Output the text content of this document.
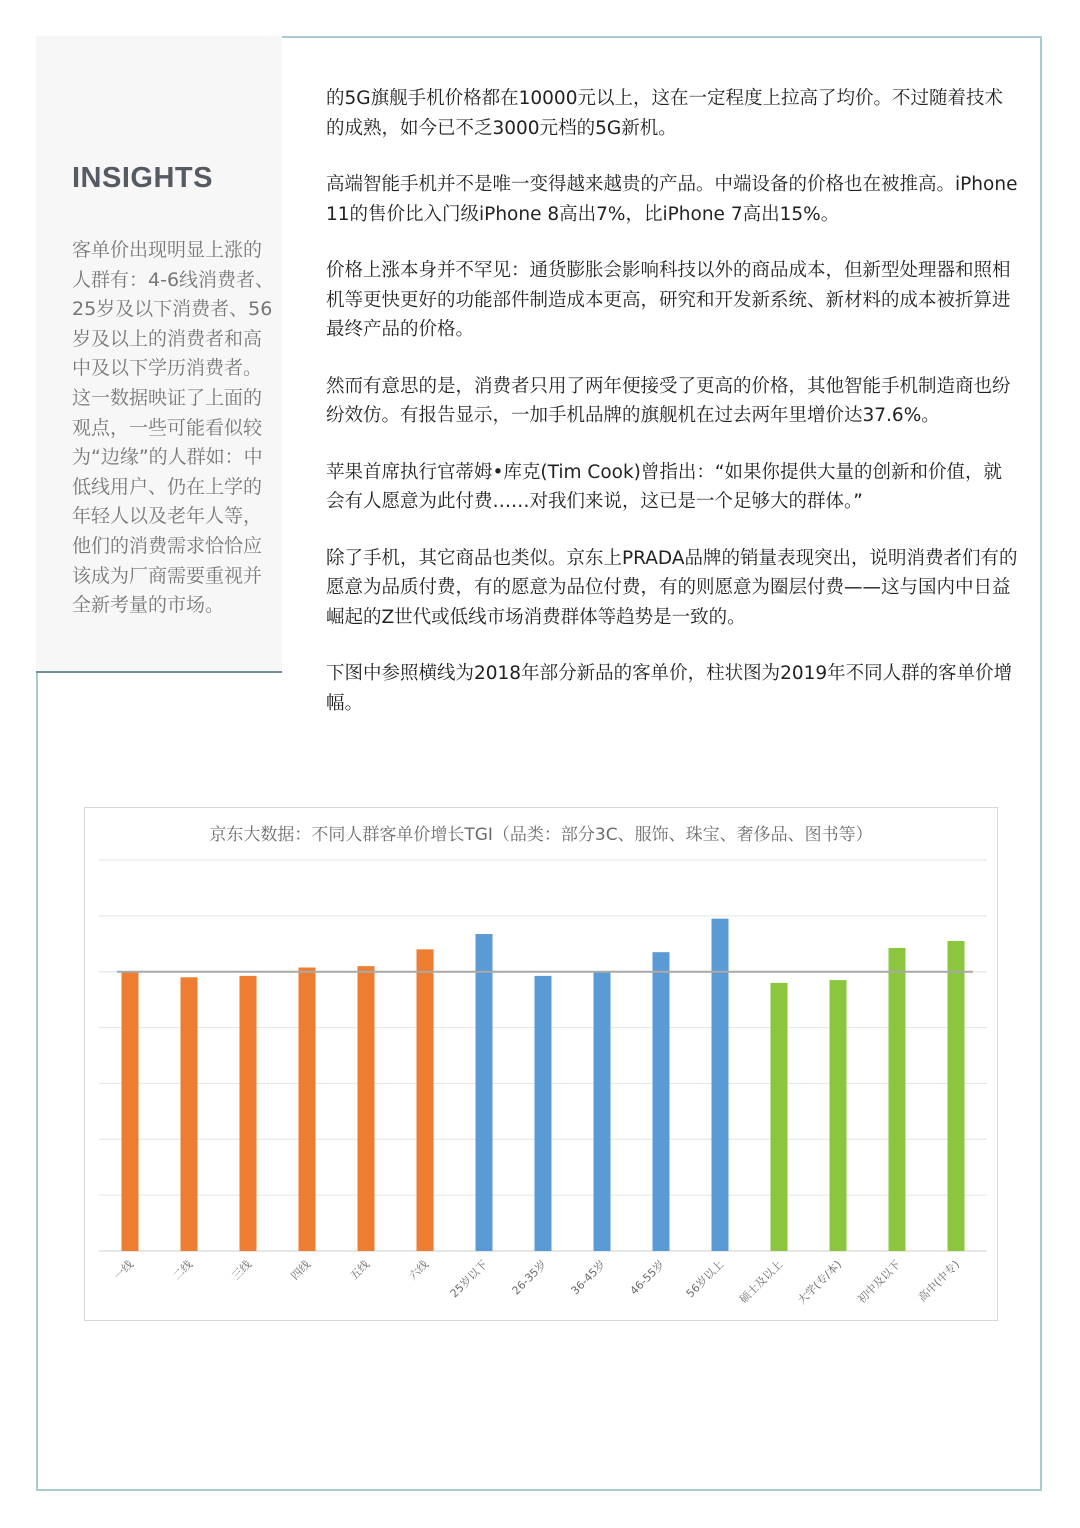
INSIGHTS
客单价出现明显上涨的人群有：4-6线消费者、25岁及以下消费者、56岁及以上的消费者和高中及以下学历消费者。这一数据映证了上面的观点，一些可能看似较为“边缘”的人群如：中低线用户、仍在上学的年轻人以及老年人等，他们的消费需求恰恰应该成为厂商需要重视并全新考量的市场。

的5G旗舰手机价格都在10000元以上，这在一定程度上拉高了均价。不过随着技术的成熟，如今已不乏3000元档的5G新机。

高端智能手机并不是唯一变得越来越贵的产品。中端设备的价格也在被推高。iPhone 11的售价比入门级iPhone 8高出7%，比iPhone 7高出15%。

价格上涨本身并不罕见：通货膨胀会影响科技以外的商品成本，但新型处理器和照相机等更快更好的功能部件制造成本更高，研究和开发新系统、新材料的成本被折算进最终产品的价格。

然而有意思的是，消费者只用了两年便接受了更高的价格，其他智能手机制造商也纷纷效仿。有报告显示，一加手机品牌的旗舰机在过去两年里增价达37.6%。

苹果首席执行官蒂姆•库克(Tim Cook)曾指出：“如果你提供大量的创新和价值，就会有人愿意为此付费……对我们来说，这已是一个足够大的群体。”

除了手机，其它商品也类似。京东上PRADA品牌的销量表现突出，说明消费者们有的愿意为品质付费，有的愿意为品位付费，有的则愿意为圈层付费——这与国内中日益崛起的Z世代或低线市场消费群体等趋势是一致的。

下图中参照横线为2018年部分新品的客单价，柱状图为2019年不同人群的客单价增幅。

京东大数据：不同人群客单价增长TGI（品类：部分3C、服饰、珠宝、奢侈品、图书等）
一线	二线	三线	四线	五线	六线 25岁以下 26-35岁 36-45岁 46-55岁 56岁以上 硕士及以上 大学(专/本) 初中及以下 高中(中专)
